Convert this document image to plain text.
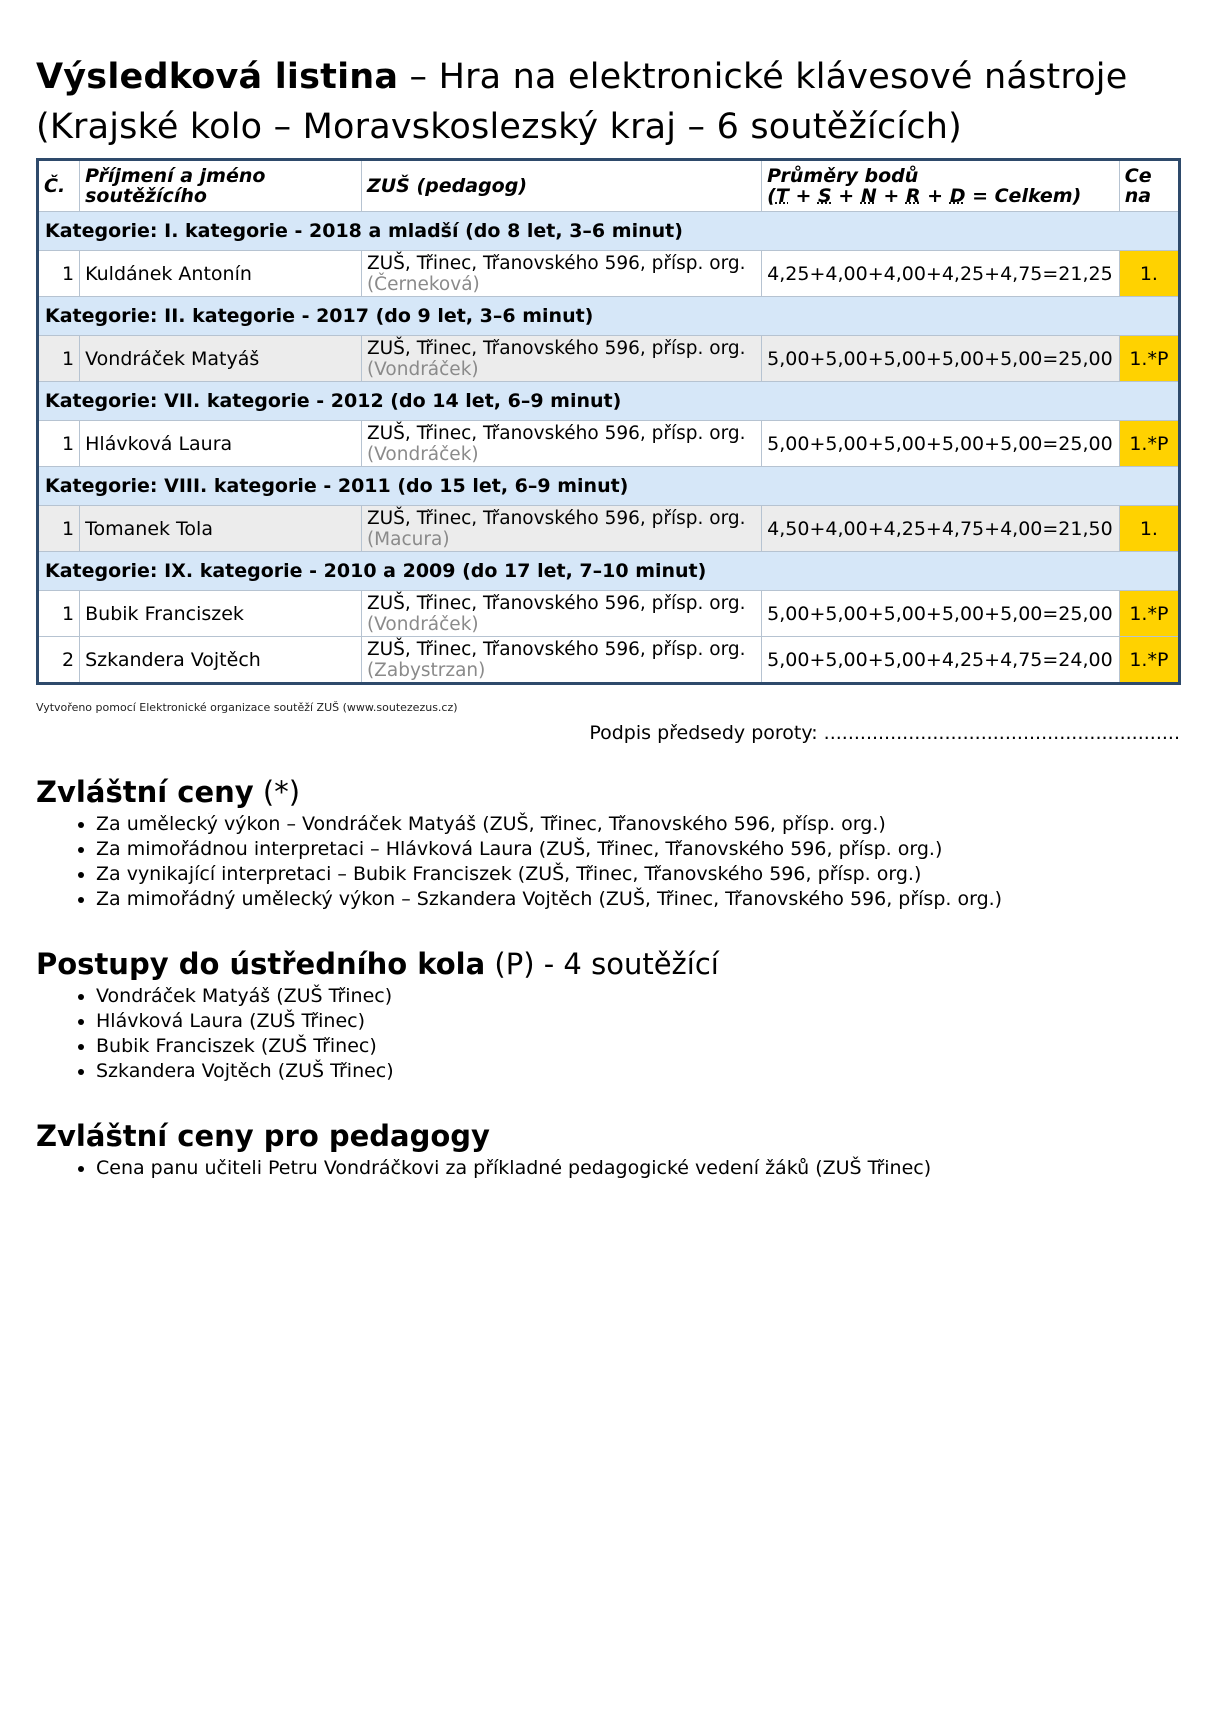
Výsledková listina – Hra na elektronické klávesové nástroje
(Krajské kolo – Moravskoslezský kraj – 6 soutěžících)
Č.	Příjmení a jméno soutěžícího	ZUŠ (pedagog)	Průměry bodů
(T + S + N + R + D = Celkem)	Ce na
Kategorie: I. kategorie - 2018 a mladší (do 8 let, 3–6 minut)				
1	Kuldánek Antonín	ZUŠ, Třinec, Třanovského 596, přísp. org.
(Černeková)	4,25+4,00+4,00+4,25+4,75=21,25	1.
Kategorie: II. kategorie - 2017 (do 9 let, 3–6 minut)				
1	Vondráček Matyáš	ZUŠ, Třinec, Třanovského 596, přísp. org.
(Vondráček)	5,00+5,00+5,00+5,00+5,00=25,00	1.*P
Kategorie: VII. kategorie - 2012 (do 14 let, 6–9 minut)				
1	Hlávková Laura	ZUŠ, Třinec, Třanovského 596, přísp. org.
(Vondráček)	5,00+5,00+5,00+5,00+5,00=25,00	1.*P
Kategorie: VIII. kategorie - 2011 (do 15 let, 6–9 minut)				
1	Tomanek Tola	ZUŠ, Třinec, Třanovského 596, přísp. org.
(Macura)	4,50+4,00+4,25+4,75+4,00=21,50	1.
Kategorie: IX. kategorie - 2010 a 2009 (do 17 let, 7–10 minut)				
1	Bubik Franciszek	ZUŠ, Třinec, Třanovského 596, přísp. org.
(Vondráček)	5,00+5,00+5,00+5,00+5,00=25,00	1.*P
2	Szkandera Vojtěch	ZUŠ, Třinec, Třanovského 596, přísp. org.
(Zabystrzan)	5,00+5,00+5,00+4,25+4,75=24,00	1.*P
Vytvořeno pomocí Elektronické organizace soutěží ZUŠ (www.soutezezus.cz)
Podpis předsedy poroty: ...........................................................
Zvláštní ceny (*)
• Za umělecký výkon – Vondráček Matyáš (ZUŠ, Třinec, Třanovského 596, přísp. org.)
• Za mimořádnou interpretaci – Hlávková Laura (ZUŠ, Třinec, Třanovského 596, přísp. org.)
• Za vynikající interpretaci – Bubik Franciszek (ZUŠ, Třinec, Třanovského 596, přísp. org.)
• Za mimořádný umělecký výkon – Szkandera Vojtěch (ZUŠ, Třinec, Třanovského 596, přísp. org.)
Postupy do ústředního kola (P) - 4 soutěžící
• Vondráček Matyáš (ZUŠ Třinec)
• Hlávková Laura (ZUŠ Třinec)
• Bubik Franciszek (ZUŠ Třinec)
• Szkandera Vojtěch (ZUŠ Třinec)
Zvláštní ceny pro pedagogy
• Cena panu učiteli Petru Vondráčkovi za příkladné pedagogické vedení žáků (ZUŠ Třinec)
